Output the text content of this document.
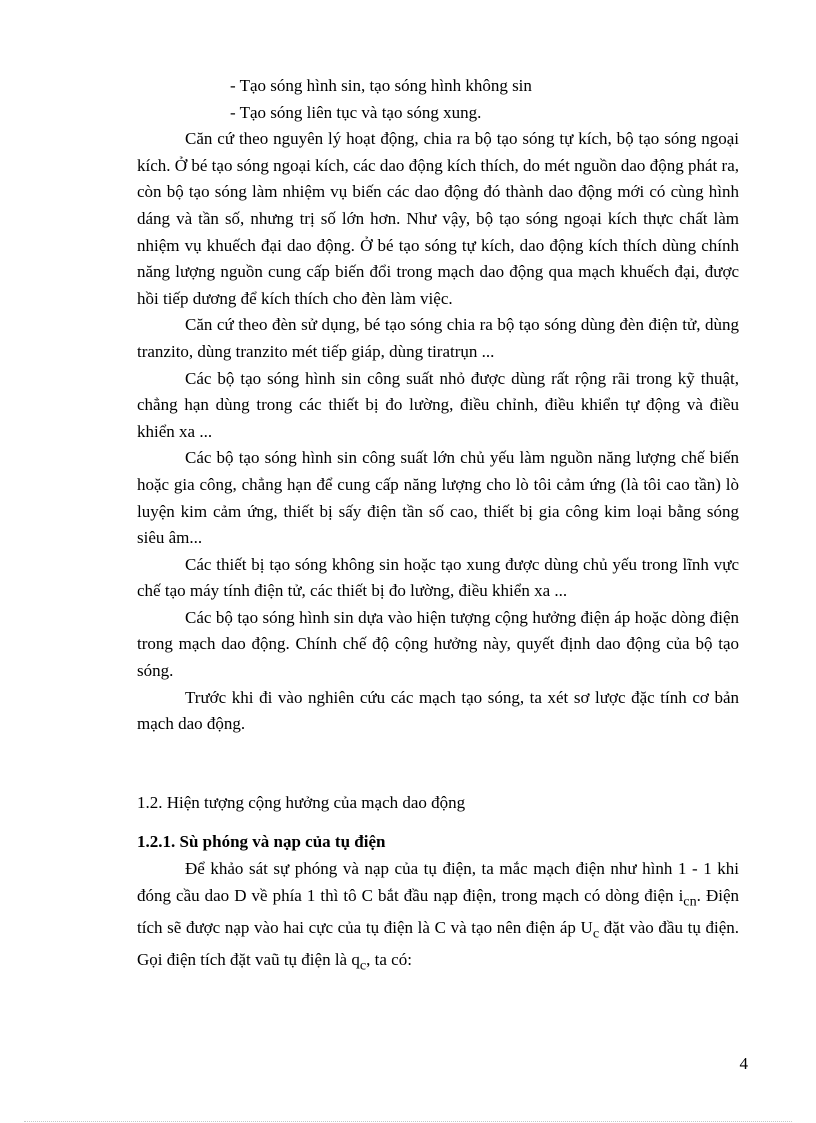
- Tạo sóng hình sin, tạo sóng hình không sin
- Tạo sóng liên tục và tạo sóng xung.
Căn cứ theo nguyên lý hoạt động, chia ra bộ tạo sóng tự kích, bộ tạo sóng ngoại kích. Ở bé tạo sóng ngoại kích, các dao động kích thích, do mét nguồn dao động phát ra, còn bộ tạo sóng làm nhiệm vụ biến các dao động đó thành dao động mới có cùng hình dáng và tần số, nhưng trị số lớn hơn. Như vậy, bộ tạo sóng ngoại kích thực chất làm nhiệm vụ khuếch đại dao động. Ở bé tạo sóng tự kích, dao động kích thích dùng chính năng lượng nguồn cung cấp biến đổi trong mạch dao động qua mạch khuếch đại, được hồi tiếp dương để kích thích cho đèn làm việc.
Căn cứ theo đèn sử dụng, bé tạo sóng chia ra bộ tạo sóng dùng đèn điện tử, dùng tranzito, dùng tranzito mét tiếp giáp, dùng tiratrụn ...
Các bộ tạo sóng hình sin công suất nhỏ được dùng rất rộng rãi trong kỹ thuật, chẳng hạn dùng trong các thiết bị đo lường, điều chỉnh, điều khiển tự động và điều khiển xa ...
Các bộ tạo sóng hình sin công suất lớn chủ yếu làm nguồn năng lượng chế biến hoặc gia công, chẳng hạn để cung cấp năng lượng cho lò tôi cảm ứng (là tôi cao tần) lò luyện kim cảm ứng, thiết bị sấy điện tần số cao, thiết bị gia công kim loại bằng sóng siêu âm...
Các thiết bị tạo sóng không sin hoặc tạo xung được dùng chủ yếu trong lĩnh vực chế tạo máy tính điện tử, các thiết bị đo lường, điều khiển xa ...
Các bộ tạo sóng hình sin dựa vào hiện tượng cộng hưởng điện áp hoặc dòng điện trong mạch dao động. Chính chế độ cộng hưởng này, quyết định dao động của bộ tạo sóng.
Trước khi đi vào nghiên cứu các mạch tạo sóng, ta xét sơ lược đặc tính cơ bản mạch dao động.
1.2. Hiện tượng cộng hưởng của mạch dao động
1.2.1. Sù phóng và nạp của tụ điện
Để khảo sát sự phóng và nạp của tụ điện, ta mắc mạch điện như hình 1 - 1 khi đóng cầu dao D về phía 1 thì tô C bắt đầu nạp điện, trong mạch có dòng điện $i_{cn}$. Điện tích sẽ được nạp vào hai cực của tụ điện là C và tạo nên điện áp $U_c$ đặt vào đầu tụ điện. Gọi điện tích đặt vaũ tụ điện là $q_c$, ta có:
4
